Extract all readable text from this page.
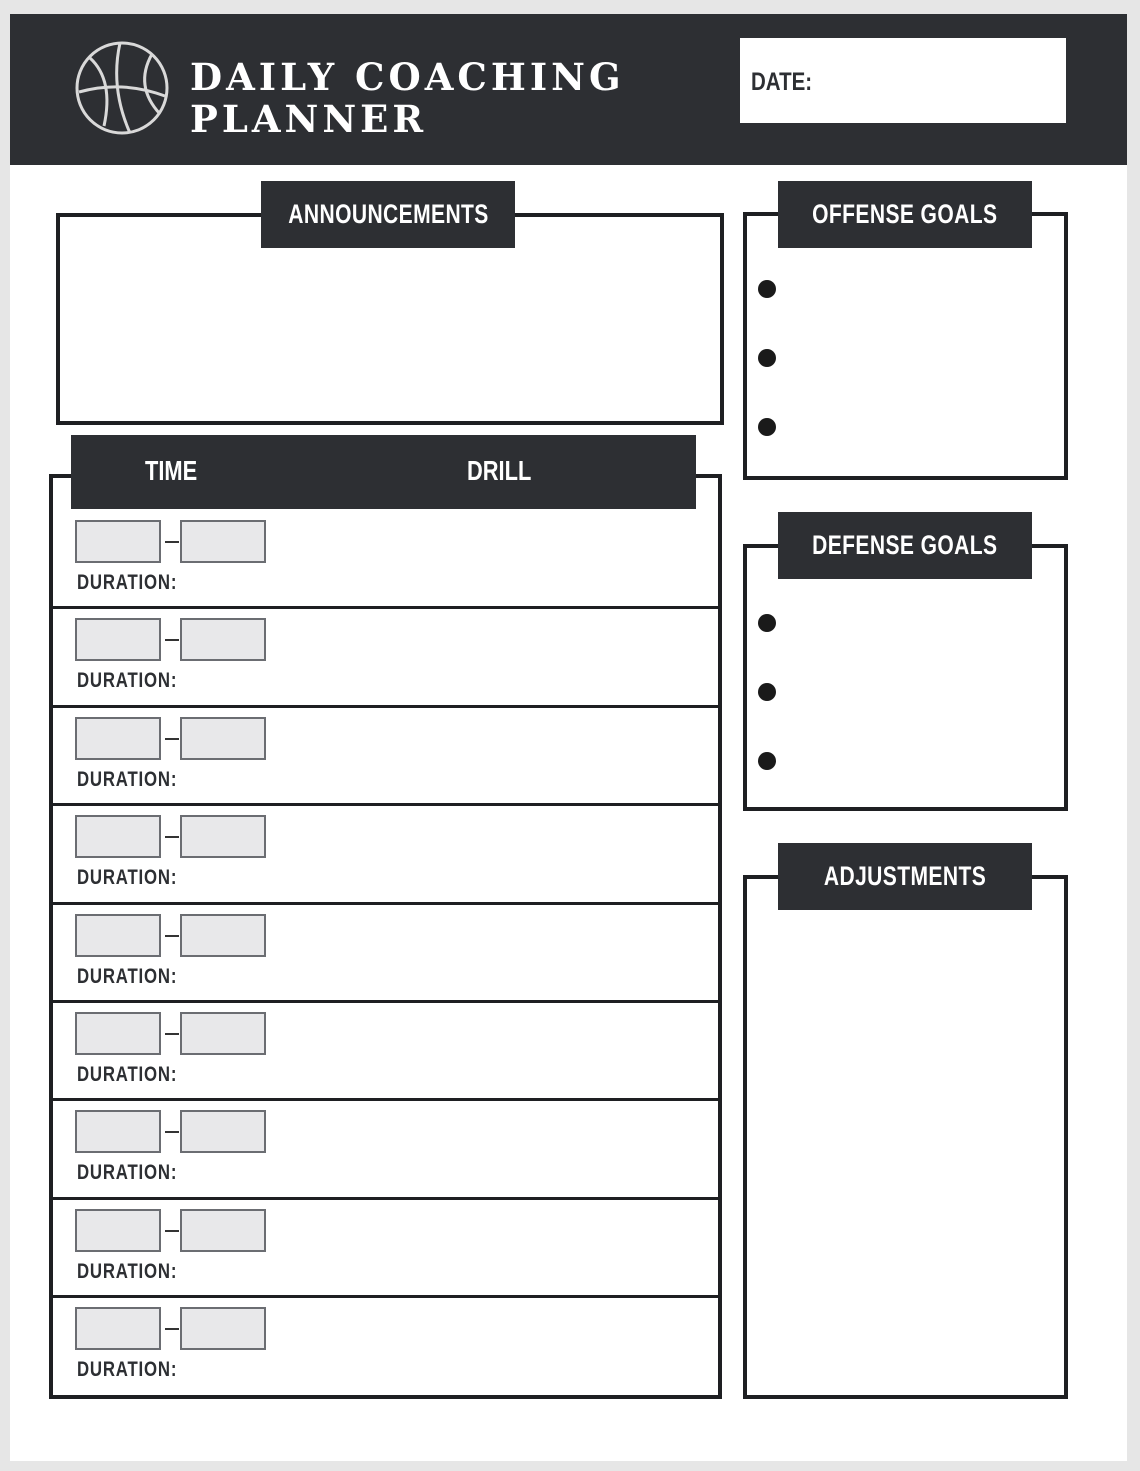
DAILY COACHING
PLANNER
DATE:
ANNOUNCEMENTS
TIME	DRILL
DURATION:
DURATION:
DURATION:
DURATION:
DURATION:
DURATION:
DURATION:
DURATION:
DURATION:
OFFENSE GOALS
DEFENSE GOALS
ADJUSTMENTS
